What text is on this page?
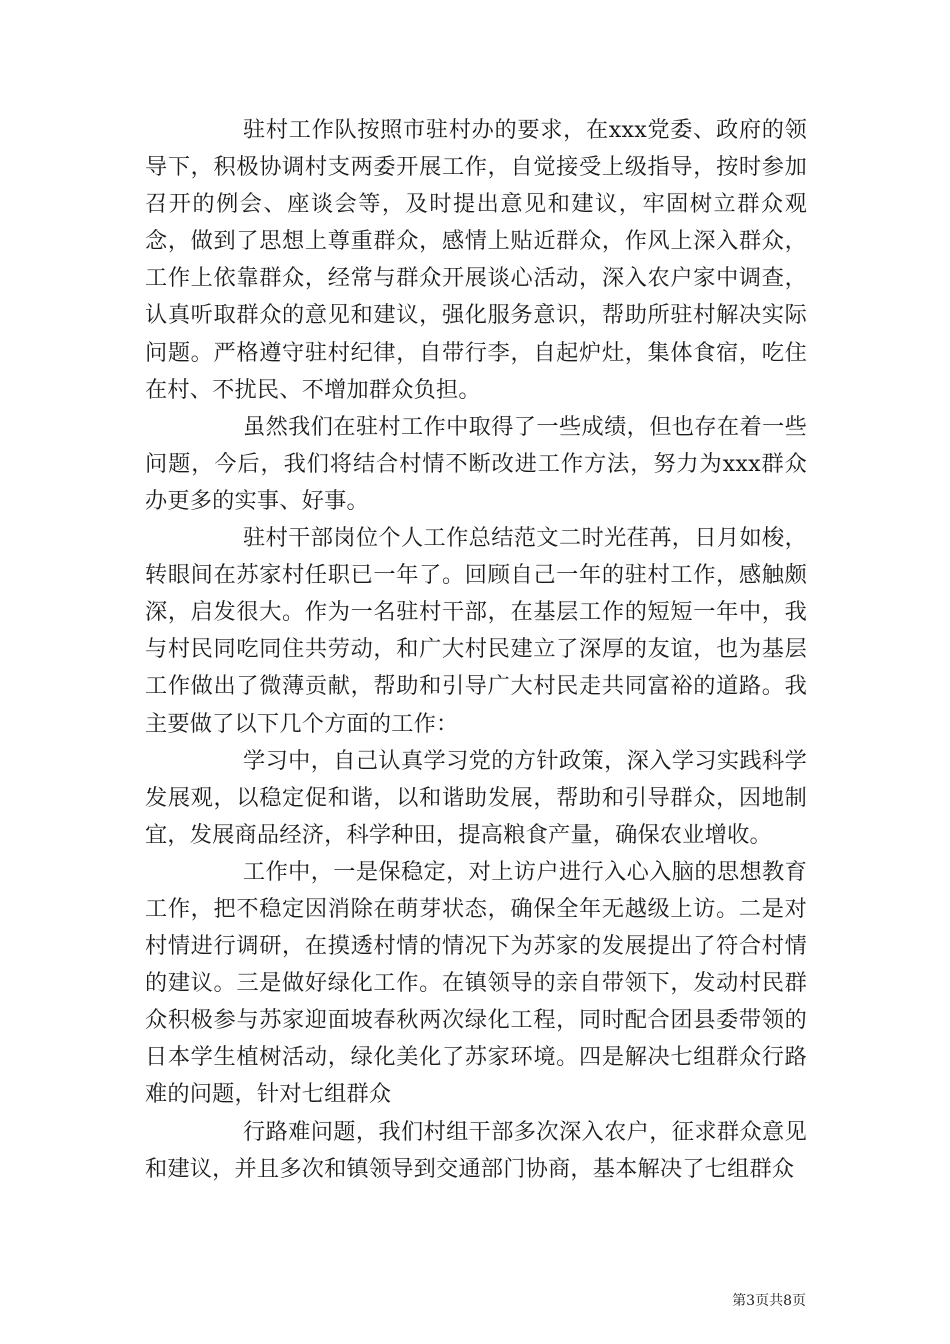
驻村工作队按照市驻村办的要求，在xxx党委、政府的领导下，积极协调村支两委开展工作，自觉接受上级指导，按时参加召开的例会、座谈会等，及时提出意见和建议，牢固树立群众观念，做到了思想上尊重群众，感情上贴近群众，作风上深入群众，工作上依靠群众，经常与群众开展谈心活动，深入农户家中调查，认真听取群众的意见和建议，强化服务意识，帮助所驻村解决实际问题。严格遵守驻村纪律，自带行李，自起炉灶，集体食宿，吃住在村、不扰民、不增加群众负担。

虽然我们在驻村工作中取得了一些成绩，但也存在着一些问题，今后，我们将结合村情不断改进工作方法，努力为xxx群众办更多的实事、好事。

驻村干部岗位个人工作总结范文二时光荏苒，日月如梭，转眼间在苏家村任职已一年了。回顾自己一年的驻村工作，感触颇深，启发很大。作为一名驻村干部，在基层工作的短短一年中，我与村民同吃同住共劳动，和广大村民建立了深厚的友谊，也为基层工作做出了微薄贡献，帮助和引导广大村民走共同富裕的道路。我主要做了以下几个方面的工作：

学习中，自己认真学习党的方针政策，深入学习实践科学发展观，以稳定促和谐，以和谐助发展，帮助和引导群众，因地制宜，发展商品经济，科学种田，提高粮食产量，确保农业增收。

工作中，一是保稳定，对上访户进行入心入脑的思想教育工作，把不稳定因消除在萌芽状态，确保全年无越级上访。二是对村情进行调研，在摸透村情的情况下为苏家的发展提出了符合村情的建议。三是做好绿化工作。在镇领导的亲自带领下，发动村民群众积极参与苏家迎面坡春秋两次绿化工程，同时配合团县委带领的日本学生植树活动，绿化美化了苏家环境。四是解决七组群众行路难的问题，针对七组群众

行路难问题，我们村组干部多次深入农户，征求群众意见和建议，并且多次和镇领导到交通部门协商，基本解决了七组群众

第3页共8页
